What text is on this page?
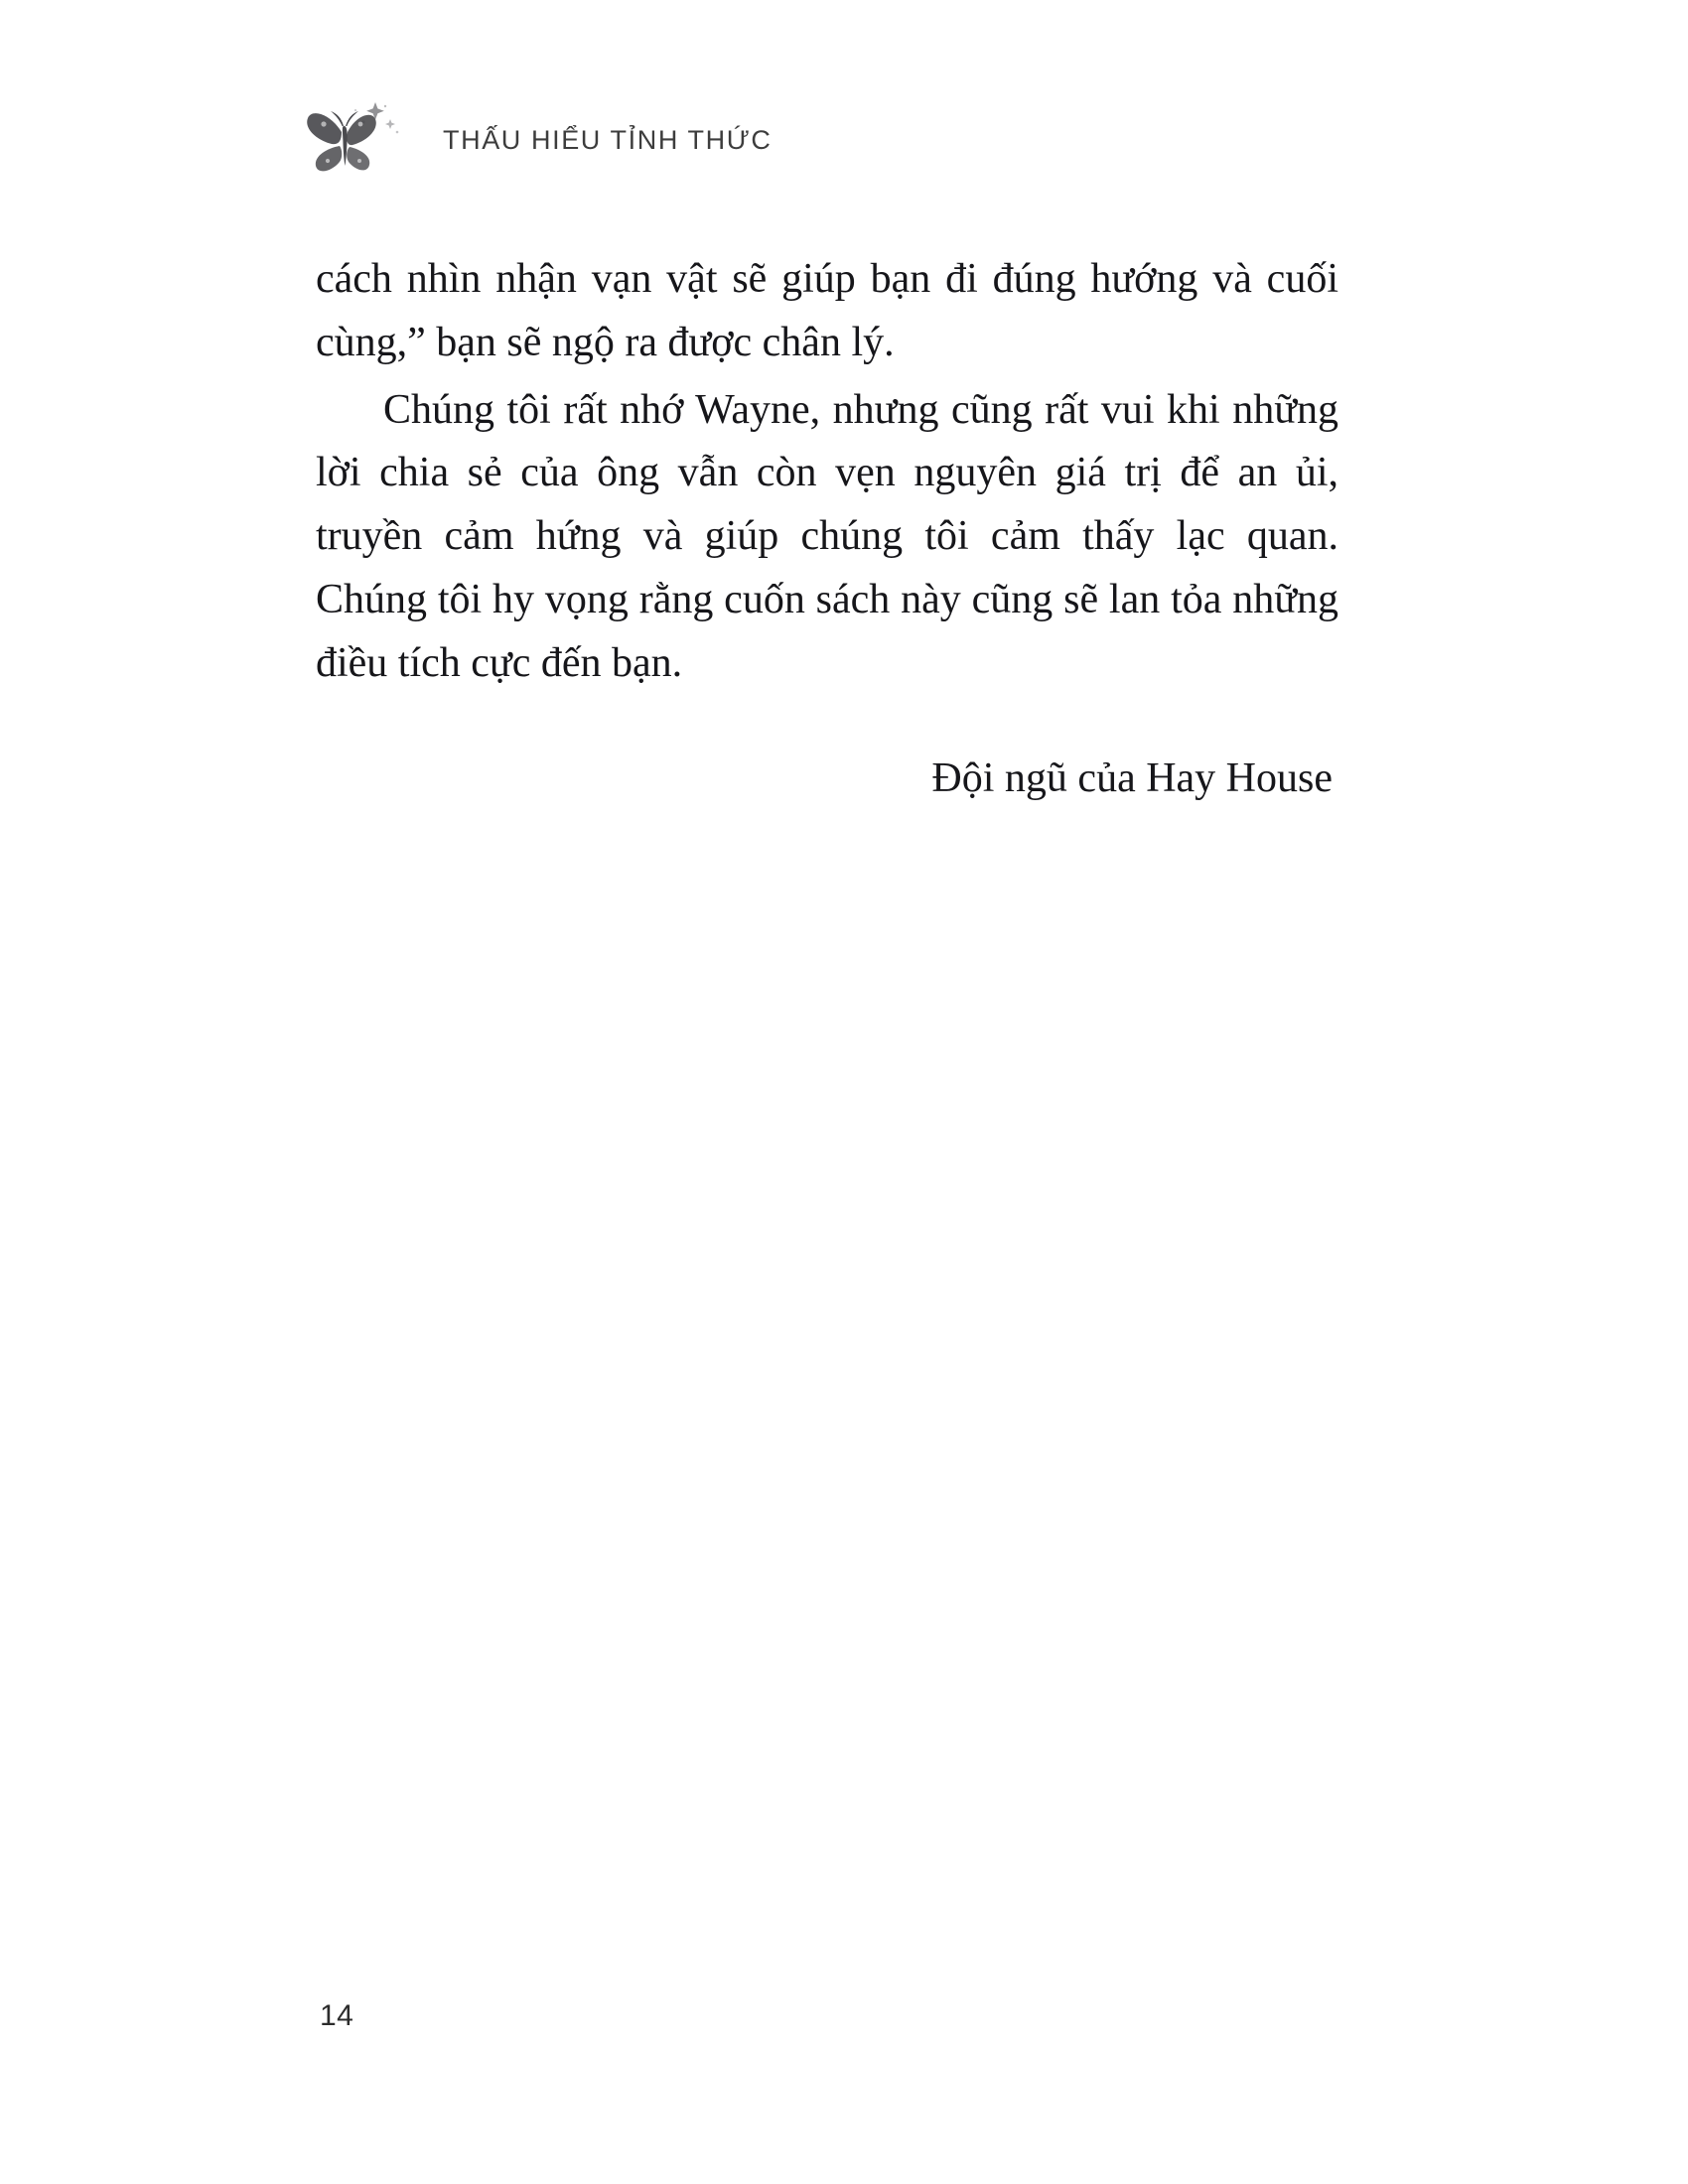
THẤU HIỂU TỈNH THỨC

cách nhìn nhận vạn vật sẽ giúp bạn đi đúng hướng và cuối cùng,” bạn sẽ ngộ ra được chân lý.

Chúng tôi rất nhớ Wayne, nhưng cũng rất vui khi những lời chia sẻ của ông vẫn còn vẹn nguyên giá trị để an ủi, truyền cảm hứng và giúp chúng tôi cảm thấy lạc quan. Chúng tôi hy vọng rằng cuốn sách này cũng sẽ lan tỏa những điều tích cực đến bạn.

Đội ngũ của Hay House

14
